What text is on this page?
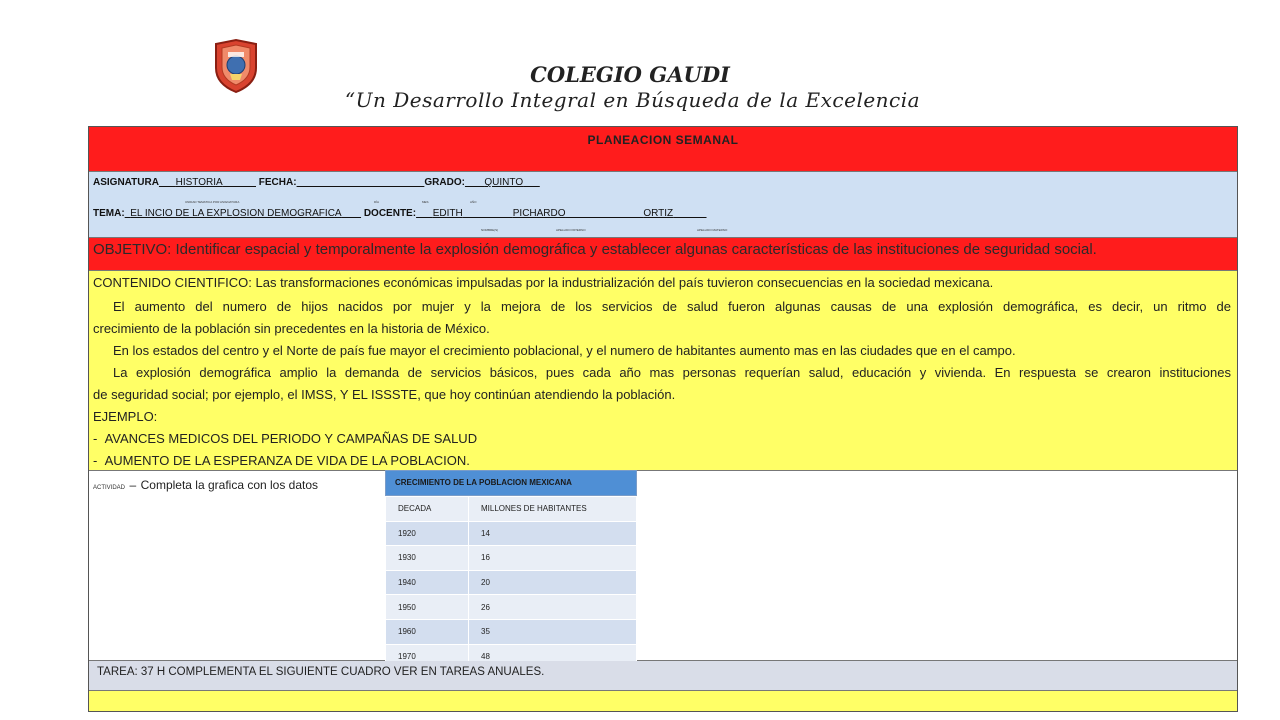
COLEGIO GAUDI
“Un Desarrollo Integral en Búsqueda de la Excelencia
PLANEACION SEMANAL
ASIGNATURA HISTORIA	FECHA:	GRADO: QUINTO
UNIDAD TEMATICA POR ASIGNATURA	DÍA	MES	AÑO
TEMA: EL INCIO DE LA EXPLOSION DEMOGRAFICA DOCENTE: EDITH	PICHARDO	ORTIZ
NOMBRE(S)	APELLIDO PATERNO	APELLIDO MATERNO
OBJETIVO: Identificar espacial y temporalmente la explosión demográfica y establecer algunas características de las instituciones de seguridad social.
CONTENIDO CIENTIFICO: Las transformaciones económicas impulsadas por la industrialización del país tuvieron consecuencias en la sociedad mexicana.
El aumento del numero de hijos nacidos por mujer y la mejora de los servicios de salud fueron algunas causas de una explosión demográfica, es decir, un ritmo de
crecimiento de la población sin precedentes en la historia de México.
En los estados del centro y el Norte de país fue mayor el crecimiento poblacional, y el numero de habitantes aumento mas en las ciudades que en el campo.
La explosión demográfica amplio la demanda de servicios básicos, pues cada año mas personas requerían salud, educación y vivienda. En respuesta se crearon instituciones
de seguridad social; por ejemplo, el IMSS, Y EL ISSSTE, que hoy continúan atendiendo la población.
EJEMPLO:
-  AVANCES MEDICOS DEL PERIODO Y CAMPAÑAS DE SALUD
-  AUMENTO DE LA ESPERANZA DE VIDA DE LA POBLACION.
ACTIVIDAD – Completa la grafica con los datos	CRECIMIENTO DE LA POBLACION MEXICANA
DECADA	MILLONES DE HABITANTES
1920	14
1930	16
1940	20
1950	26
1960	35
1970	48
TAREA: 37 H COMPLEMENTA EL SIGUIENTE CUADRO VER EN TAREAS ANUALES.
